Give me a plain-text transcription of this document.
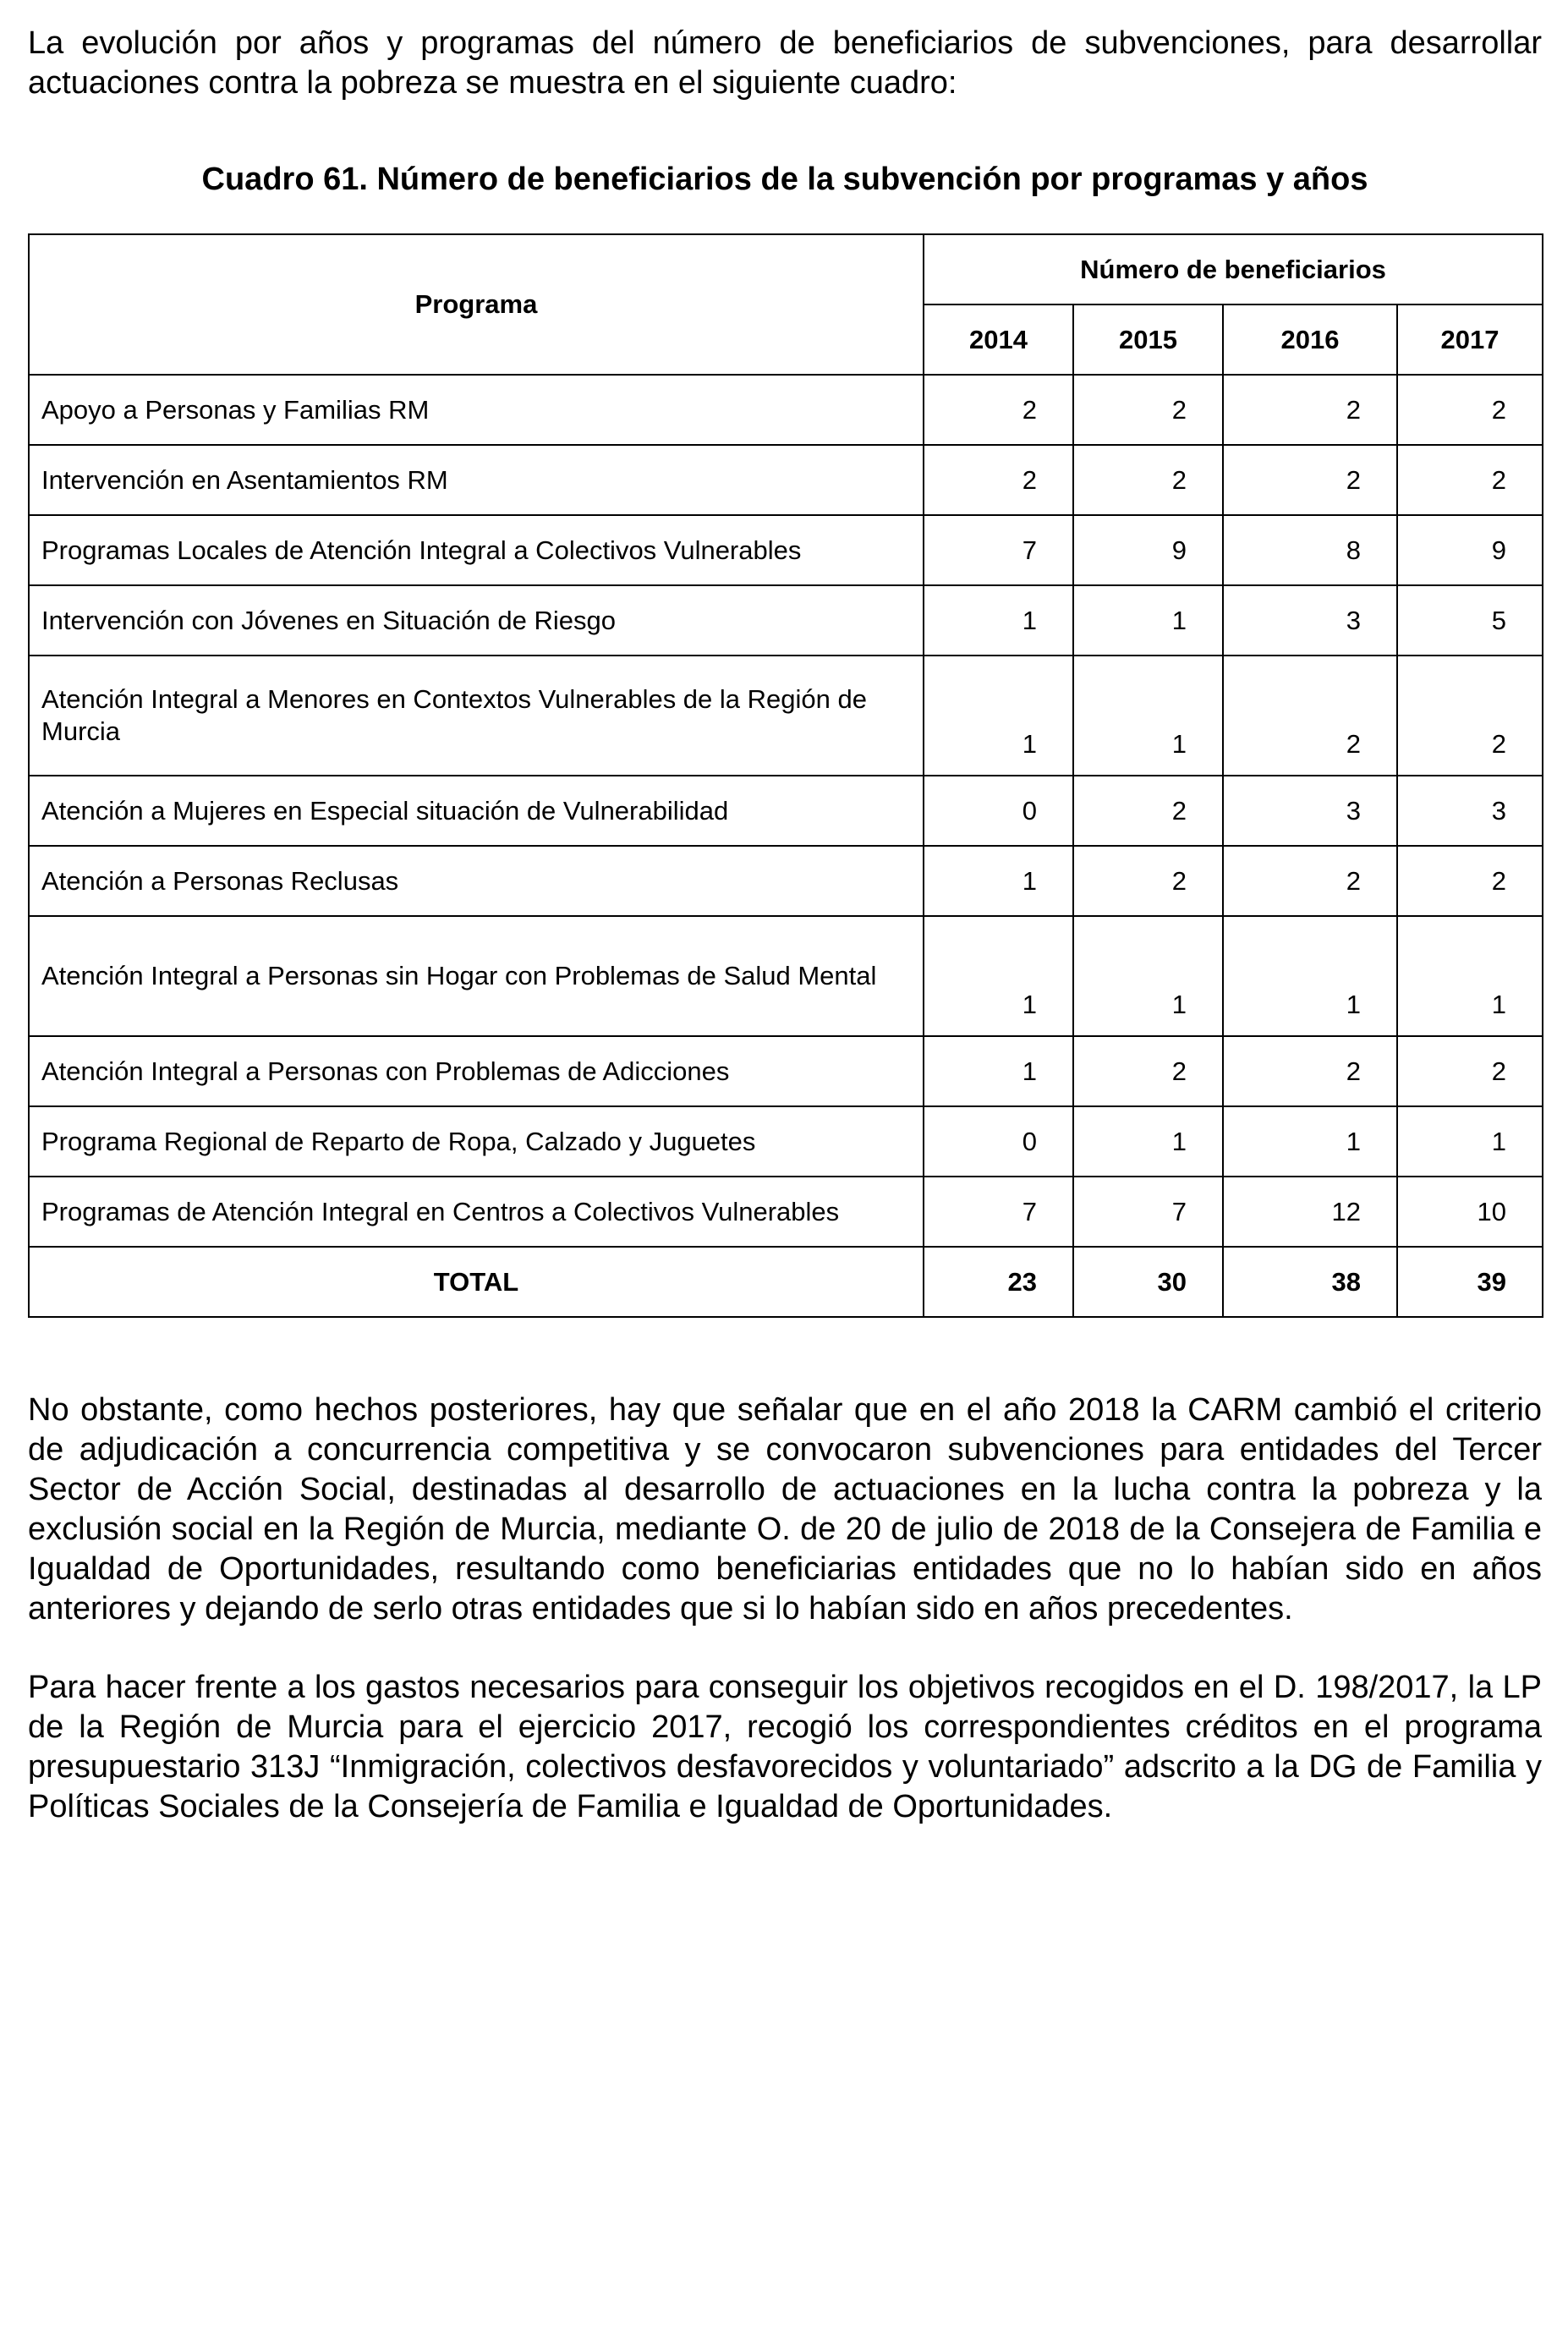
La evolución por años y programas del número de beneficiarios de subvenciones, para desarrollar actuaciones contra la pobreza se muestra en el siguiente cuadro:

Cuadro 61. Número de beneficiarios de la subvención por programas y años
Programa	Número de beneficiarios			
	2014	2015	2016	2017
Apoyo a Personas y Familias RM	2	2	2	2
Intervención en Asentamientos RM	2	2	2	2
Programas Locales de Atención Integral a Colectivos Vulnerables	7	9	8	9
Intervención con Jóvenes en Situación de Riesgo	1	1	3	5
Atención Integral a Menores en Contextos Vulnerables de la Región de Murcia	1	1	2	2
Atención a Mujeres en Especial situación de Vulnerabilidad	0	2	3	3
Atención a Personas Reclusas	1	2	2	2
Atención Integral a Personas sin Hogar con Problemas de Salud Mental	1	1	1	1
Atención Integral a Personas con Problemas de Adicciones	1	2	2	2
Programa Regional de Reparto de Ropa, Calzado y Juguetes	0	1	1	1
Programas de Atención Integral en Centros a Colectivos Vulnerables	7	7	12	10
TOTAL	23	30	38	39

No obstante, como hechos posteriores, hay que señalar que en el año 2018 la CARM cambió el criterio de adjudicación a concurrencia competitiva y se convocaron subvenciones para entidades del Tercer Sector de Acción Social, destinadas al desarrollo de actuaciones en la lucha contra la pobreza y la exclusión social en la Región de Murcia, mediante O. de 20 de julio de 2018 de la Consejera de Familia e Igualdad de Oportunidades, resultando como beneficiarias entidades que no lo habían sido en años anteriores y dejando de serlo otras entidades que si lo habían sido en años precedentes.

Para hacer frente a los gastos necesarios para conseguir los objetivos recogidos en el D. 198/2017, la LP de la Región de Murcia para el ejercicio 2017, recogió los correspondientes créditos en el programa presupuestario 313J “Inmigración, colectivos desfavorecidos y voluntariado” adscrito a la DG de Familia y Políticas Sociales de la Consejería de Familia e Igualdad de Oportunidades.
